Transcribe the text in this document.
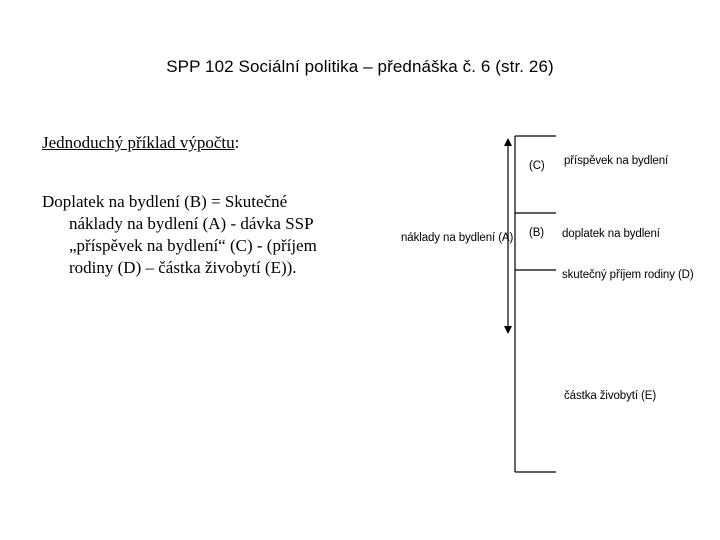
SPP 102 Sociální politika – přednáška č. 6 (str. 26)

Jednoduchý příklad výpočtu:

Doplatek na bydlení (B) = Skutečné
náklady na bydlení (A) - dávka SSP
„příspěvek na bydlení“ (C) - (příjem
rodiny (D) – částka živobytí (E)).

náklady na bydlení (A)
(C) příspěvek na bydlení
(B) doplatek na bydlení
skutečný příjem rodiny (D)
částka živobytí (E)
